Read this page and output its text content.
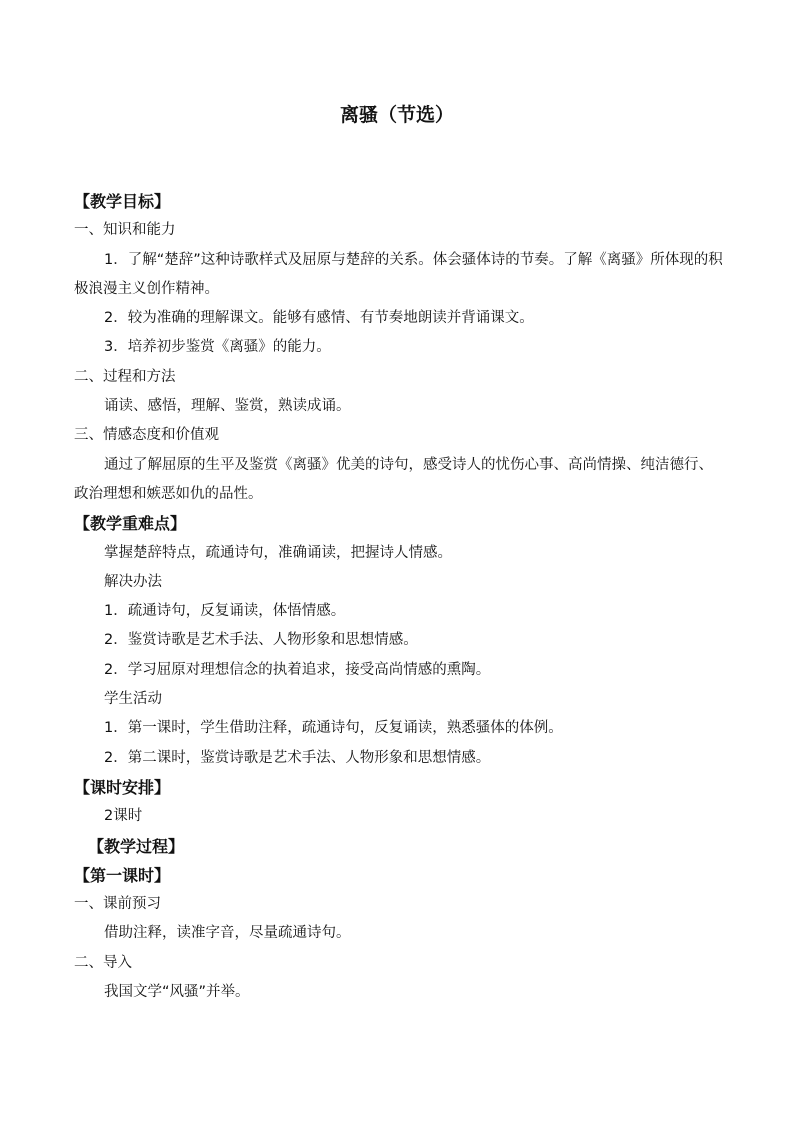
离骚（节选）
【教学目标】
一、知识和能力
1．了解“楚辞”这种诗歌样式及屈原与楚辞的关系。体会骚体诗的节奏。了解《离骚》所体现的积极浪漫主义创作精神。
2．较为准确的理解课文。能够有感情、有节奏地朗读并背诵课文。
3．培养初步鉴赏《离骚》的能力。
二、过程和方法
诵读、感悟，理解、鉴赏，熟读成诵。
三、情感态度和价值观
通过了解屈原的生平及鉴赏《离骚》优美的诗句，感受诗人的忧伤心事、高尚情操、纯洁德行、政治理想和嫉恶如仇的品性。
【教学重难点】
掌握楚辞特点，疏通诗句，准确诵读，把握诗人情感。
解决办法
1．疏通诗句，反复诵读，体悟情感。
2．鉴赏诗歌是艺术手法、人物形象和思想情感。
2．学习屈原对理想信念的执着追求，接受高尚情感的熏陶。
学生活动
1．第一课时，学生借助注释，疏通诗句，反复诵读，熟悉骚体的体例。
2．第二课时，鉴赏诗歌是艺术手法、人物形象和思想情感。
【课时安排】
2课时
【教学过程】
【第一课时】
一、课前预习
借助注释，读准字音，尽量疏通诗句。
二、导入
我国文学“风骚”并举。
